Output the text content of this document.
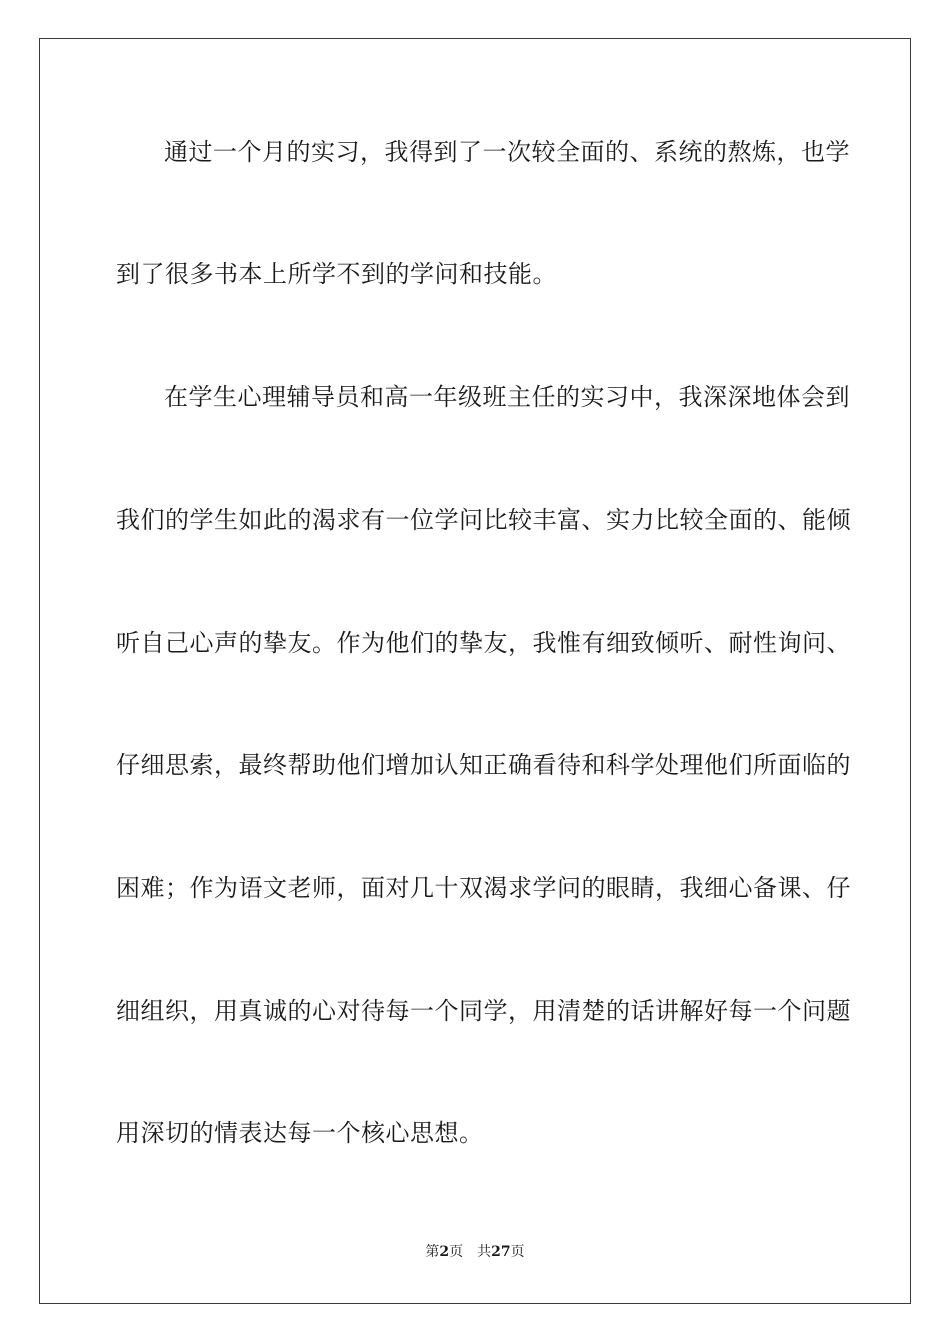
通过一个月的实习，我得到了一次较全面的、系统的熬炼，也学
到了很多书本上所学不到的学问和技能。
在学生心理辅导员和高一年级班主任的实习中，我深深地体会到
我们的学生如此的渴求有一位学问比较丰富、实力比较全面的、能倾
听自己心声的挚友。作为他们的挚友，我惟有细致倾听、耐性询问、
仔细思索，最终帮助他们增加认知正确看待和科学处理他们所面临的
困难；作为语文老师，面对几十双渴求学问的眼睛，我细心备课、仔
细组织，用真诚的心对待每一个同学，用清楚的话讲解好每一个问题
用深切的情表达每一个核心思想。
第2页 共27页
